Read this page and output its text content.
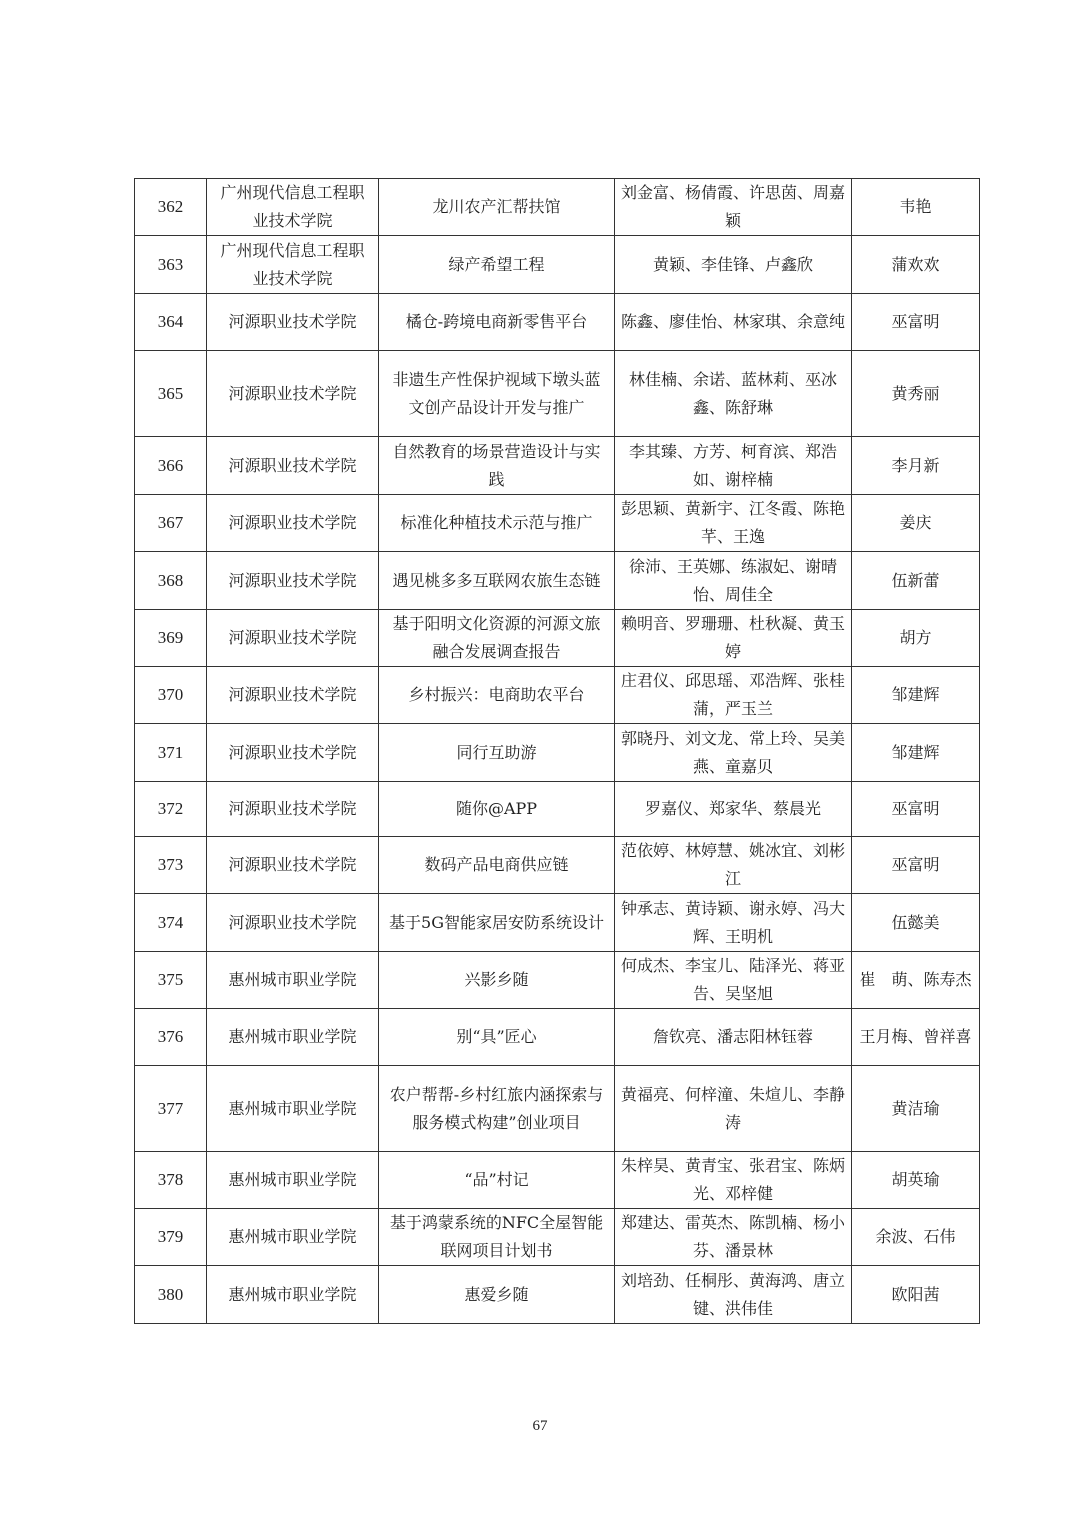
362	广州现代信息工程职业技术学院	龙川农产汇帮扶馆	刘金富、杨倩霞、许思茵、周嘉颖	韦艳
363	广州现代信息工程职业技术学院	绿产希望工程	黄颖、李佳锋、卢鑫欣	蒲欢欢
364	河源职业技术学院	橘仓-跨境电商新零售平台	陈鑫、廖佳怡、林家琪、余意纯	巫富明
365	河源职业技术学院	非遗生产性保护视域下墩头蓝文创产品设计开发与推广	林佳楠、余诺、蓝林莉、巫冰鑫、陈舒琳	黄秀丽
366	河源职业技术学院	自然教育的场景营造设计与实践	李其臻、方芳、柯育滨、郑浩如、谢梓楠	李月新
367	河源职业技术学院	标准化种植技术示范与推广	彭思颖、黄新宇、江冬霞、陈艳芊、王逸	姜庆
368	河源职业技术学院	遇见桃多多互联网农旅生态链	徐沛、王英娜、练淑妃、谢晴怡、周佳全	伍新蕾
369	河源职业技术学院	基于阳明文化资源的河源文旅融合发展调查报告	赖明音、罗珊珊、杜秋凝、黄玉婷	胡方
370	河源职业技术学院	乡村振兴：电商助农平台	庄君仪、邱思瑶、邓浩辉、张桂蒲，严玉兰	邹建辉
371	河源职业技术学院	同行互助游	郭晓丹、刘文龙、常上玲、吴美燕、童嘉贝	邹建辉
372	河源职业技术学院	随你@APP	罗嘉仪、郑家华、蔡晨光	巫富明
373	河源职业技术学院	数码产品电商供应链	范依婷、林婷慧、姚冰宜、刘彬江	巫富明
374	河源职业技术学院	基于5G智能家居安防系统设计	钟承志、黄诗颖、谢永婷、冯大辉、王明机	伍懿美
375	惠州城市职业学院	兴影乡随	何成杰、李宝儿、陆泽光、蒋亚告、吴坚旭	崔　萌、陈寿杰
376	惠州城市职业学院	别“具”匠心	詹钦亮、潘志阳林钰蓉	王月梅、曾祥喜
377	惠州城市职业学院	农户帮帮-乡村红旅内涵探索与服务模式构建”创业项目	黄福亮、何梓潼、朱煊儿、李静涛	黄洁瑜
378	惠州城市职业学院	“品”村记	朱梓昊、黄青宝、张君宝、陈炳光、邓梓健	胡英瑜
379	惠州城市职业学院	基于鸿蒙系统的NFC全屋智能联网项目计划书	郑建达、雷英杰、陈凯楠、杨小芬、潘景林	余波、石伟
380	惠州城市职业学院	惠爱乡随	刘培劲、任桐彤、黄海鸿、唐立键、洪伟佳	欧阳茜
67
